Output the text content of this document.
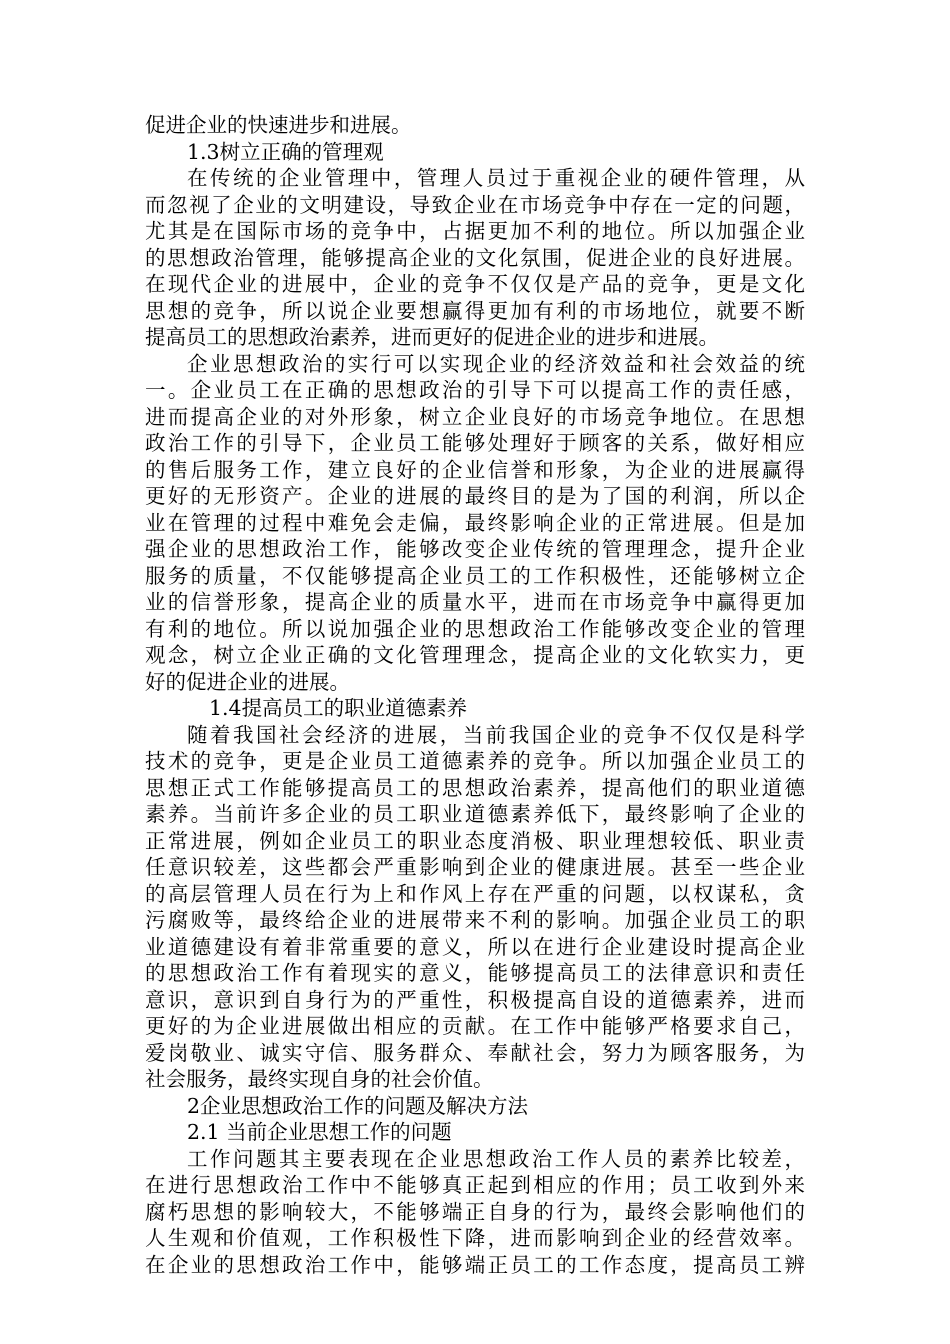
促进企业的快速进步和进展。
1.3树立正确的管理观
在传统的企业管理中，管理人员过于重视企业的硬件管理，从
而忽视了企业的文明建设，导致企业在市场竞争中存在一定的问题，
尤其是在国际市场的竞争中，占据更加不利的地位。所以加强企业
的思想政治管理，能够提高企业的文化氛围，促进企业的良好进展。
在现代企业的进展中，企业的竞争不仅仅是产品的竞争，更是文化
思想的竞争，所以说企业要想赢得更加有利的市场地位，就要不断
提高员工的思想政治素养，进而更好的促进企业的进步和进展。
企业思想政治的实行可以实现企业的经济效益和社会效益的统
一。企业员工在正确的思想政治的引导下可以提高工作的责任感，
进而提高企业的对外形象，树立企业良好的市场竞争地位。在思想
政治工作的引导下，企业员工能够处理好于顾客的关系，做好相应
的售后服务工作，建立良好的企业信誉和形象，为企业的进展赢得
更好的无形资产。企业的进展的最终目的是为了国的利润，所以企
业在管理的过程中难免会走偏，最终影响企业的正常进展。但是加
强企业的思想政治工作，能够改变企业传统的管理理念，提升企业
服务的质量，不仅能够提高企业员工的工作积极性，还能够树立企
业的信誉形象，提高企业的质量水平，进而在市场竞争中赢得更加
有利的地位。所以说加强企业的思想政治工作能够改变企业的管理
观念，树立企业正确的文化管理理念，提高企业的文化软实力，更
好的促进企业的进展。
1.4提高员工的职业道德素养
随着我国社会经济的进展，当前我国企业的竞争不仅仅是科学
技术的竞争，更是企业员工道德素养的竞争。所以加强企业员工的
思想正式工作能够提高员工的思想政治素养，提高他们的职业道德
素养。当前许多企业的员工职业道德素养低下，最终影响了企业的
正常进展，例如企业员工的职业态度消极、职业理想较低、职业责
任意识较差，这些都会严重影响到企业的健康进展。甚至一些企业
的高层管理人员在行为上和作风上存在严重的问题，以权谋私，贪
污腐败等，最终给企业的进展带来不利的影响。加强企业员工的职
业道德建设有着非常重要的意义，所以在进行企业建设时提高企业
的思想政治工作有着现实的意义，能够提高员工的法律意识和责任
意识，意识到自身行为的严重性，积极提高自设的道德素养，进而
更好的为企业进展做出相应的贡献。在工作中能够严格要求自己，
爱岗敬业、诚实守信、服务群众、奉献社会，努力为顾客服务，为
社会服务，最终实现自身的社会价值。
2企业思想政治工作的问题及解决方法
2.1 当前企业思想工作的问题
工作问题其主要表现在企业思想政治工作人员的素养比较差，
在进行思想政治工作中不能够真正起到相应的作用；员工收到外来
腐朽思想的影响较大，不能够端正自身的行为，最终会影响他们的
人生观和价值观，工作积极性下降，进而影响到企业的经营效率。
在企业的思想政治工作中，能够端正员工的工作态度，提高员工辨
